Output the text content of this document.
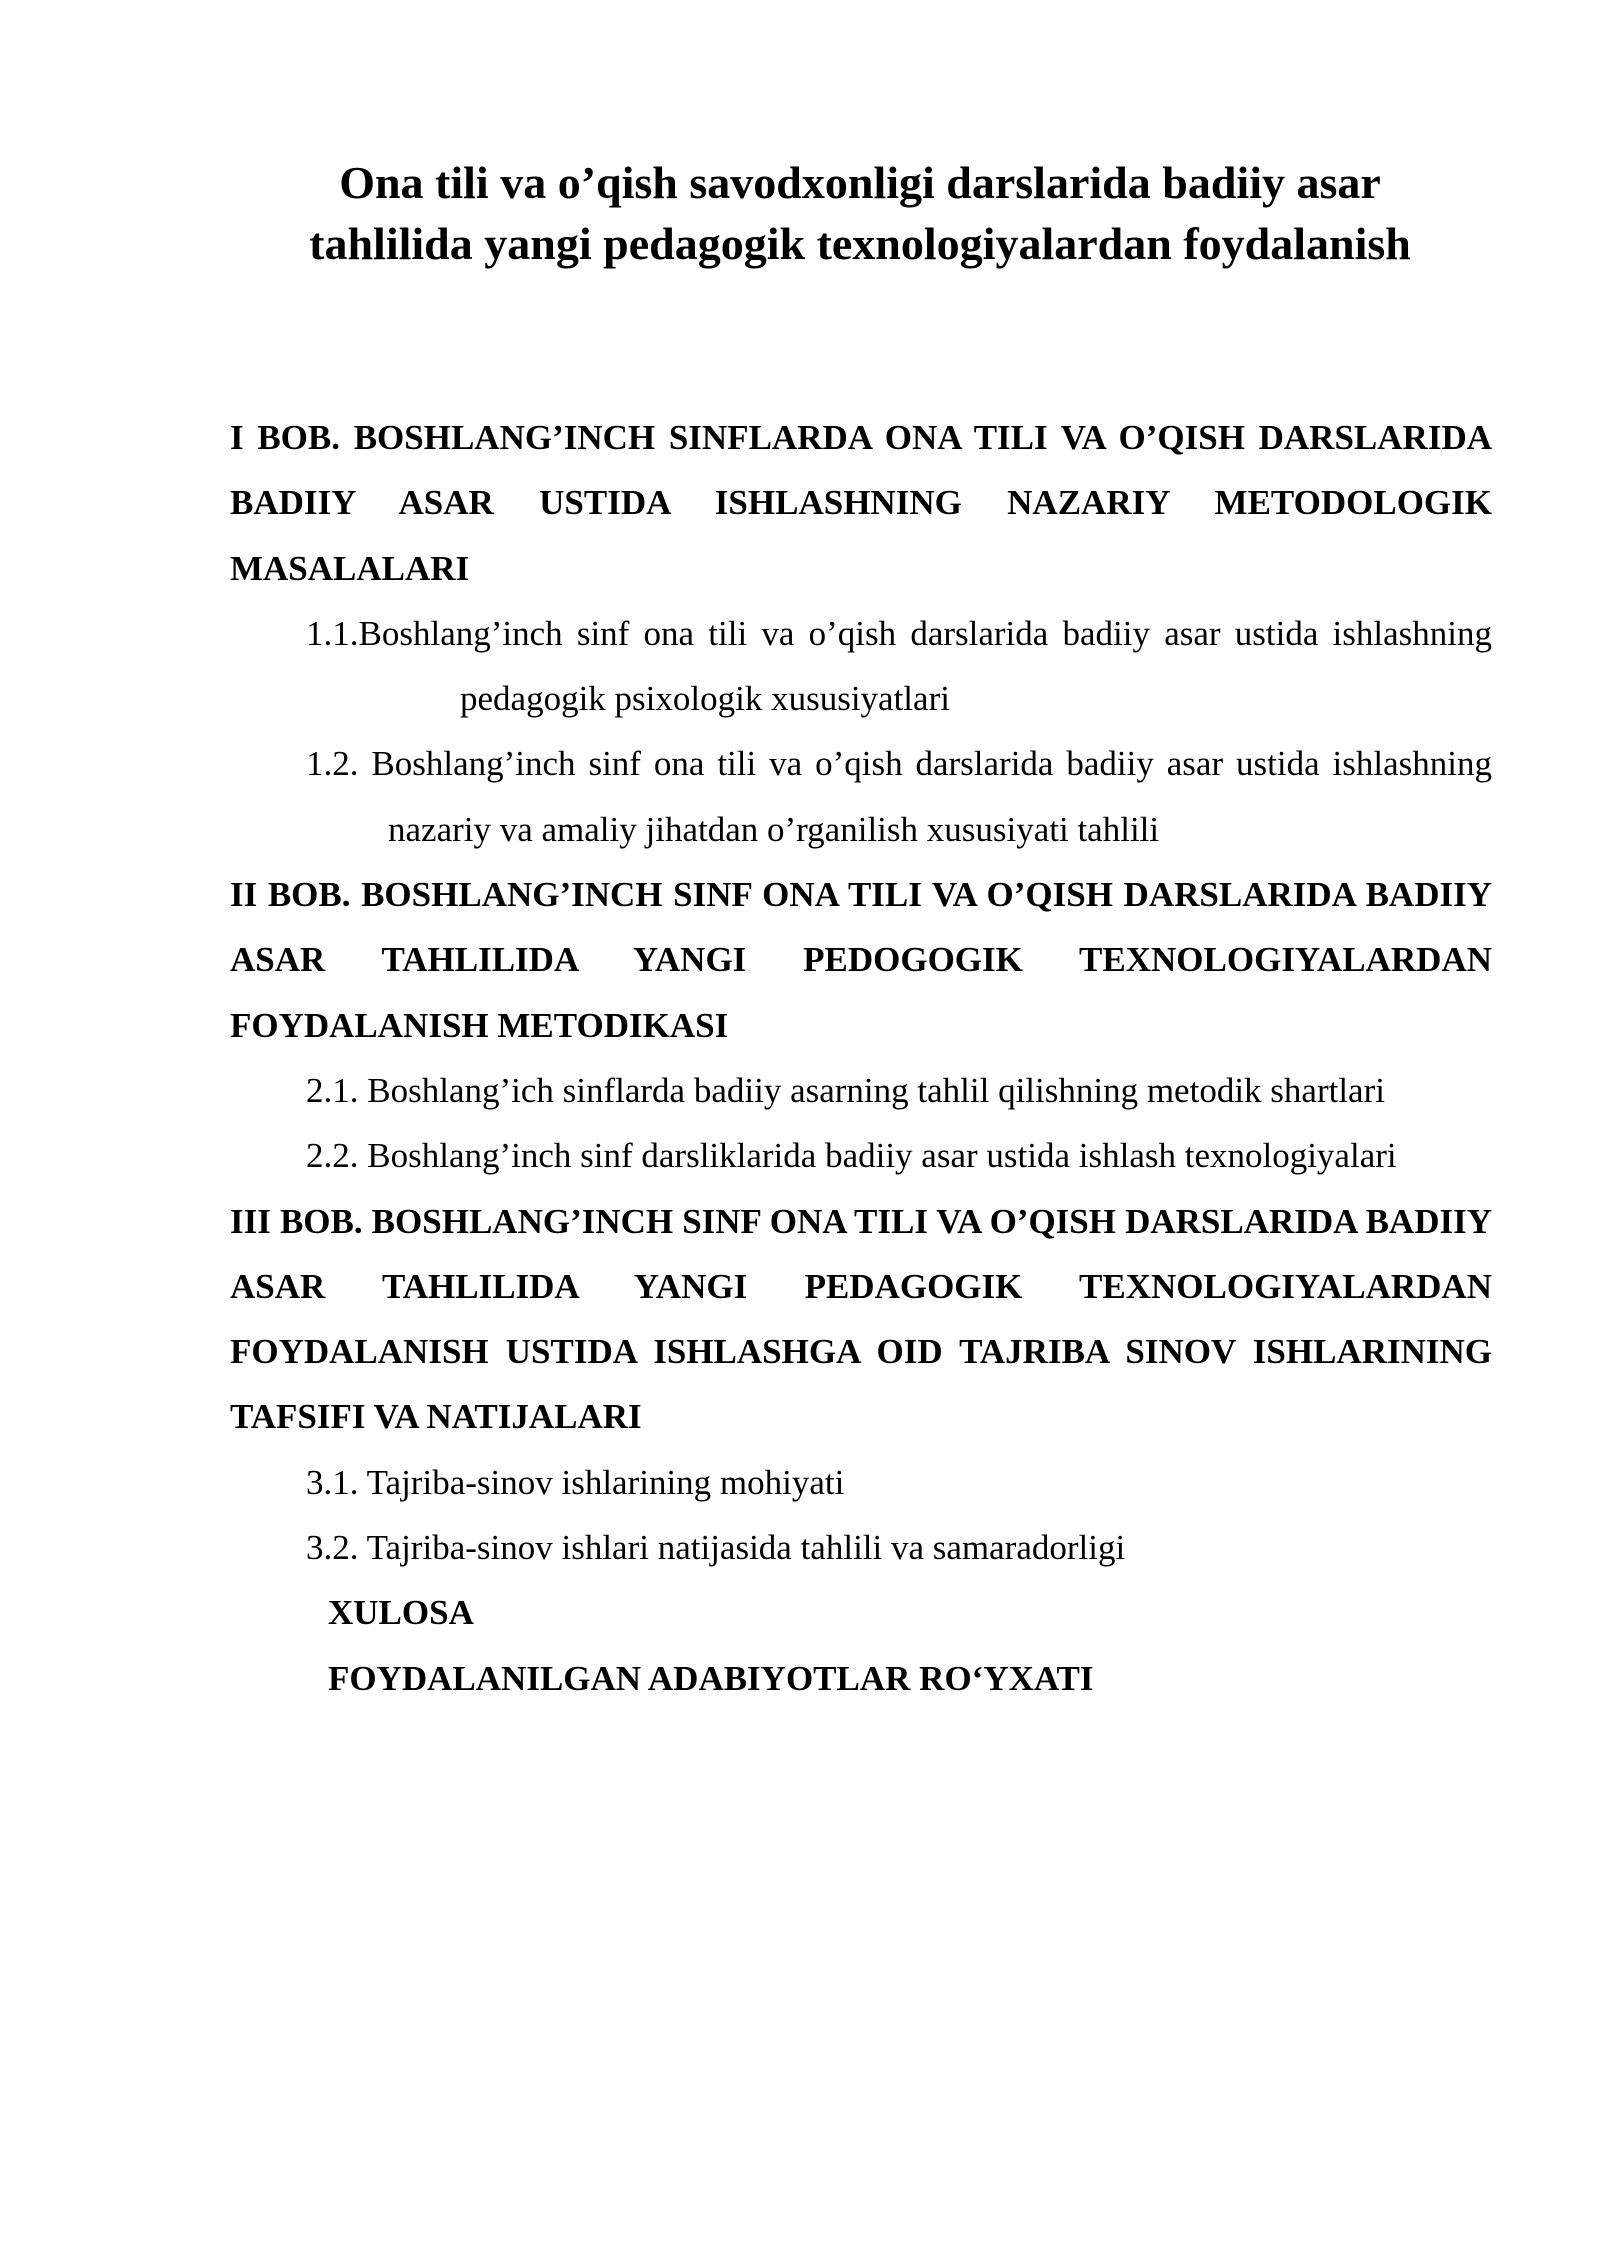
Ona tili va o’qish savodxonligi darslarida badiiy asar
tahlilida yangi pedagogik texnologiyalardan foydalanish

I BOB. BOSHLANG’INCH SINFLARDA ONA TILI VA O’QISH DARSLARIDA BADIIY ASAR USTIDA ISHLASHNING NAZARIY METODOLOGIK MASALALARI

1.1.Boshlang’inch sinf ona tili va o’qish darslarida badiiy asar ustida ishlashning pedagogik psixologik xususiyatlari

1.2. Boshlang’inch sinf ona tili va o’qish darslarida badiiy asar ustida ishlashning nazariy va amaliy jihatdan o’rganilish xususiyati tahlili

II BOB. BOSHLANG’INCH SINF ONA TILI VA O’QISH DARSLARIDA BADIIY ASAR TAHLILIDA YANGI PEDOGOGIK TEXNOLOGIYALARDAN FOYDALANISH METODIKASI

2.1. Boshlang’ich sinflarda badiiy asarning tahlil qilishning metodik shartlari

2.2. Boshlang’inch sinf darsliklarida badiiy asar ustida ishlash texnologiyalari

III BOB. BOSHLANG’INCH SINF ONA TILI VA O’QISH DARSLARIDA BADIIY ASAR TAHLILIDA YANGI PEDAGOGIK TEXNOLOGIYALARDAN FOYDALANISH USTIDA ISHLASHGA OID TAJRIBA SINOV ISHLARINING TAFSIFI VA NATIJALARI

3.1. Tajriba-sinov ishlarining mohiyati

3.2. Tajriba-sinov ishlari natijasida tahlili va samaradorligi

XULOSA

FOYDALANILGAN ADABIYOTLAR RO‘YXATI
